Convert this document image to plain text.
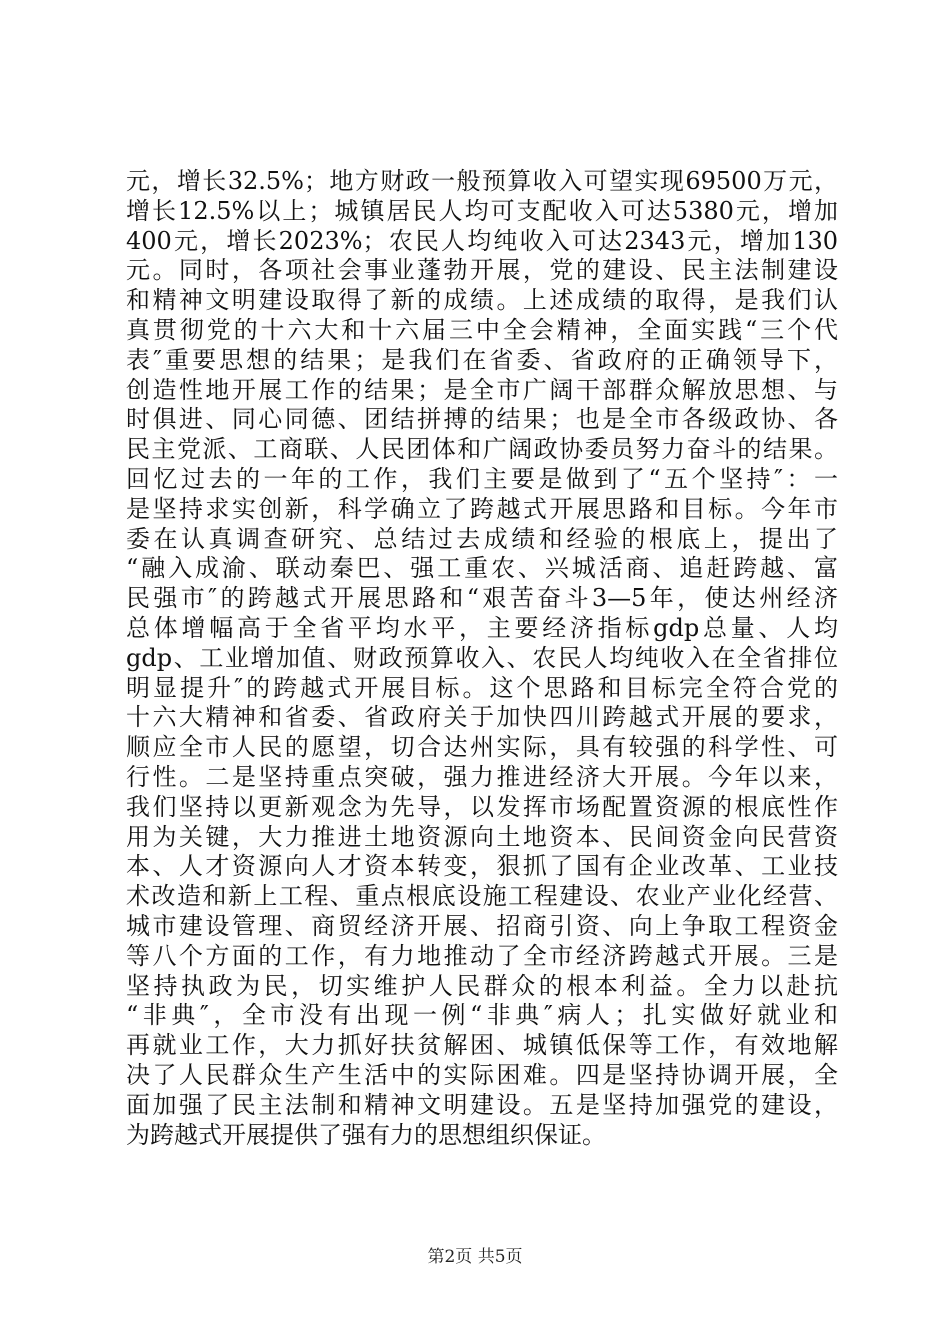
元，增长32.5%；地方财政一般预算收入可望实现69500万元，
增长12.5%以上；城镇居民人均可支配收入可达5380元，增加
400元，增长2023%；农民人均纯收入可达2343元，增加130
元。同时，各项社会事业蓬勃开展，党的建设、民主法制建设
和精神文明建设取得了新的成绩。上述成绩的取得，是我们认
真贯彻党的十六大和十六届三中全会精神，全面实践“三个代
表″重要思想的结果；是我们在省委、省政府的正确领导下，
创造性地开展工作的结果；是全市广阔干部群众解放思想、与
时俱进、同心同德、团结拼搏的结果；也是全市各级政协、各
民主党派、工商联、人民团体和广阔政协委员努力奋斗的结果。
回忆过去的一年的工作，我们主要是做到了“五个坚持″：一
是坚持求实创新，科学确立了跨越式开展思路和目标。今年市
委在认真调查研究、总结过去成绩和经验的根底上，提出了
“融入成渝、联动秦巴、强工重农、兴城活商、追赶跨越、富
民强市″的跨越式开展思路和“艰苦奋斗3—5年，使达州经济
总体增幅高于全省平均水平，主要经济指标gdp总量、人均
gdp、工业增加值、财政预算收入、农民人均纯收入在全省排位
明显提升″的跨越式开展目标。这个思路和目标完全符合党的
十六大精神和省委、省政府关于加快四川跨越式开展的要求，
顺应全市人民的愿望，切合达州实际，具有较强的科学性、可
行性。二是坚持重点突破，强力推进经济大开展。今年以来，
我们坚持以更新观念为先导，以发挥市场配置资源的根底性作
用为关键，大力推进土地资源向土地资本、民间资金向民营资
本、人才资源向人才资本转变，狠抓了国有企业改革、工业技
术改造和新上工程、重点根底设施工程建设、农业产业化经营、
城市建设管理、商贸经济开展、招商引资、向上争取工程资金
等八个方面的工作，有力地推动了全市经济跨越式开展。三是
坚持执政为民，切实维护人民群众的根本利益。全力以赴抗
“非典″，全市没有出现一例“非典″病人；扎实做好就业和
再就业工作，大力抓好扶贫解困、城镇低保等工作，有效地解
决了人民群众生产生活中的实际困难。四是坚持协调开展，全
面加强了民主法制和精神文明建设。五是坚持加强党的建设，
为跨越式开展提供了强有力的思想组织保证。
第2页 共5页
